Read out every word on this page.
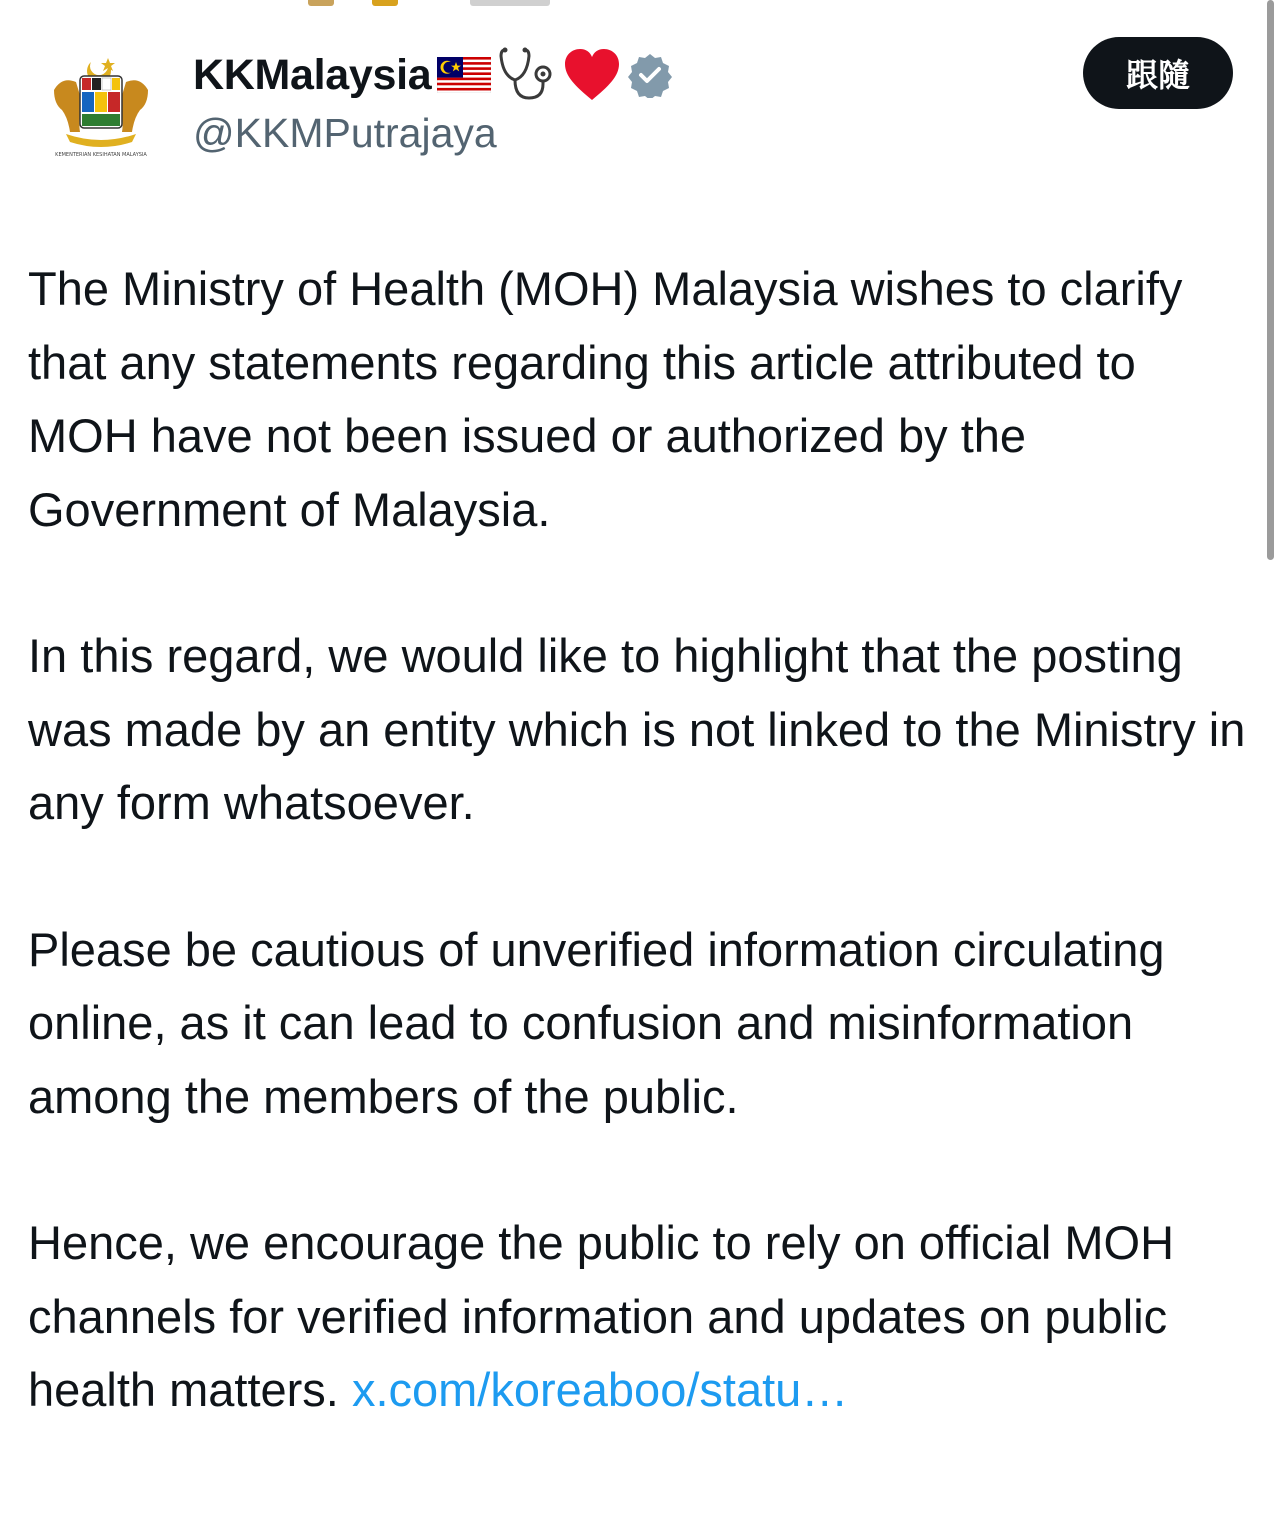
KEMENTERIAN KESIHATAN MALAYSIA
KKMalaysia
@KKMPutrajaya
跟隨

The Ministry of Health (MOH) Malaysia wishes to clarify that any statements regarding this article attributed to MOH have not been issued or authorized by the Government of Malaysia.

In this regard, we would like to highlight that the posting was made by an entity which is not linked to the Ministry in any form whatsoever.

Please be cautious of unverified information circulating online, as it can lead to confusion and misinformation among the members of the public.

Hence, we encourage the public to rely on official MOH channels for verified information and updates on public health matters. x.com/koreaboo/statu…
